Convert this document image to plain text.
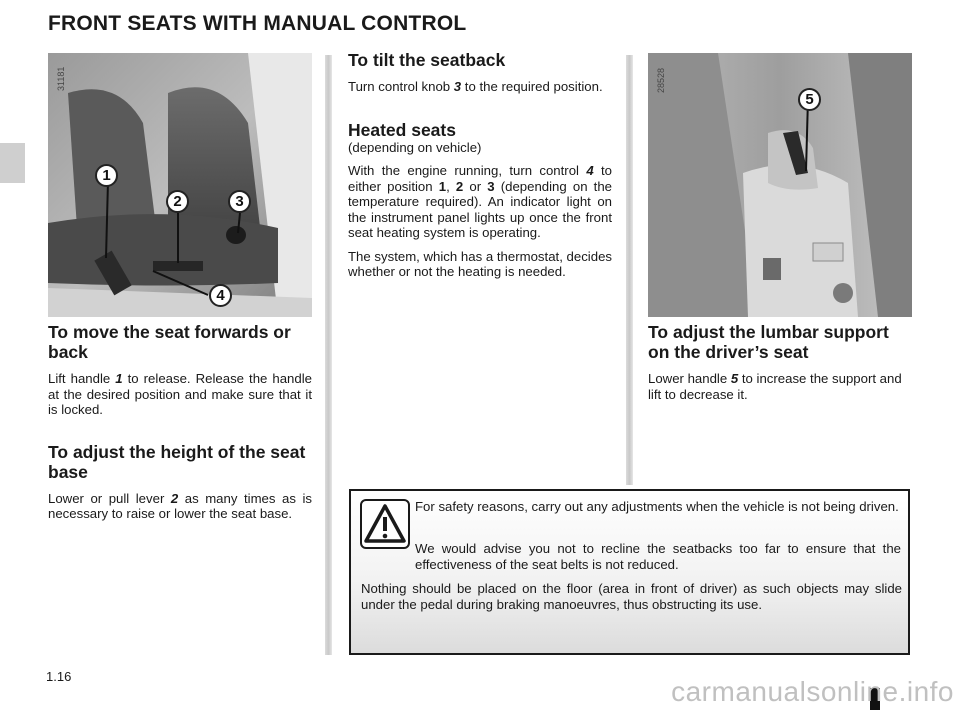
FRONT SEATS WITH MANUAL CONTROL
31181
1
2	3
4
28528
5
To move the seat forwards or back

Lift handle 1 to release. Release the handle at the desired position and make sure that it is locked.

To adjust the height of the seat base

Lower or pull lever 2 as many times as is necessary to raise or lower the seat base.

To tilt the seatback

Turn control knob 3 to the required position.

Heated seats

(depending on vehicle)

With the engine running, turn control 4 to either position 1, 2 or 3 (depending on the temperature required). An indicator light on the instrument panel lights up once the front seat heating system is operating.

The system, which has a thermostat, decides whether or not the heating is needed.

To adjust the lumbar support on the driver’s seat

Lower handle 5 to increase the support and lift to decrease it.

For safety reasons, carry out any adjustments when the vehicle is not being driven.

We would advise you not to recline the seatbacks too far to ensure that the effectiveness of the seat belts is not reduced.

Nothing should be placed on the floor (area in front of driver) as such objects may slide under the pedal during braking manoeuvres, thus obstructing its use.

1.16	carmanualsonline.info
